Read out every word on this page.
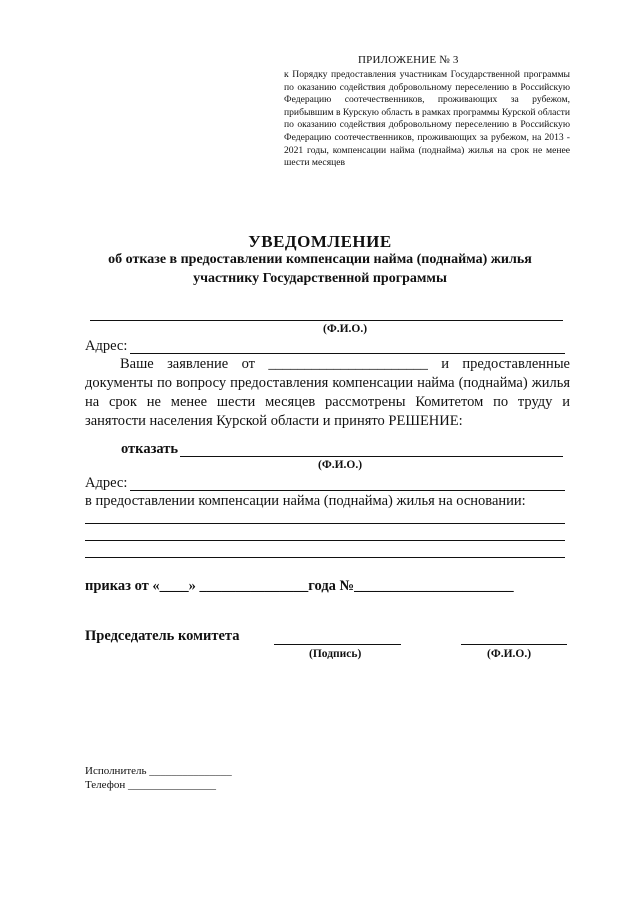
ПРИЛОЖЕНИЕ № 3
к Порядку предоставления участникам Государственной программы по оказанию содействия добровольному переселению в Российскую Федерацию соотечественников, проживающих за рубежом, прибывшим в Курскую область в рамках программы Курской области по оказанию содействия добровольному переселению в Российскую Федерацию соотечественников, проживающих за рубежом, на 2013 - 2021 годы, компенсации найма (поднайма) жилья на срок не менее шести месяцев
УВЕДОМЛЕНИЕ
об отказе в предоставлении компенсации найма (поднайма) жилья
участнику Государственной программы
(Ф.И.О.)
Адрес:
Ваше заявление от ______________________ и предоставленные документы по вопросу предоставления компенсации найма (поднайма) жилья на срок не менее шести месяцев рассмотрены Комитетом по труду и занятости населения Курской области и принято РЕШЕНИЕ:
отказать
(Ф.И.О.)
Адрес:
в предоставлении компенсации найма (поднайма) жилья на основании:
приказ от «____» _______________года №______________________
Председатель комитета
(Подпись)	(Ф.И.О.)
Исполнитель _______________
Телефон ________________
